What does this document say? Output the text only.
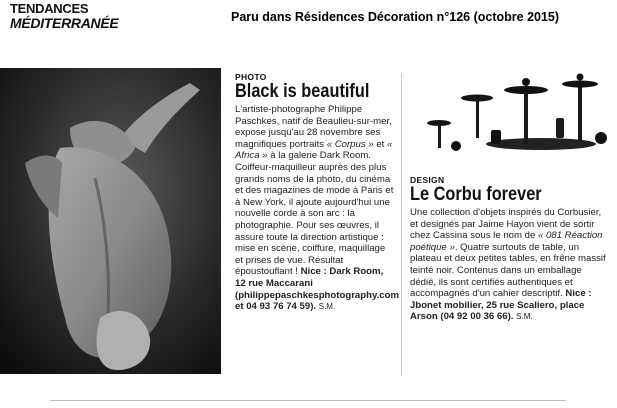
TENDANCES
MÉDITERRANÉE	Paru dans Résidences Décoration n°126 (octobre 2015)
PHOTO
Black is beautiful
L'artiste-photographe Philippe Paschkes, natif de Beaulieu-sur-mer, expose jusqu'au 28 novembre ses magnifiques portraits « Corpus » et « Africa » à la galerie Dark Room. Coiffeur-maquilleur auprès des plus grands noms de la photo, du cinéma et des magazines de mode à Paris et à New York, il ajoute aujourd'hui une nouvelle corde à son arc : la photographie. Pour ses œuvres, il assure toute la direction artistique : mise en scène, coiffure, maquillage et prises de vue. Résultat époustouflant ! Nice : Dark Room, 12 rue Maccarani (philippepaschkesphotography.com et 04 93 76 74 59). S.M.
DESIGN
Le Corbu forever
Une collection d'objets inspirés du Corbusier, et designés par Jaime Hayon vient de sortir chez Cassina sous le nom de « 081 Réaction poétique ». Quatre surtouts de table, un plateau et deux petites tables, en frêne massif teinté noir. Contenus dans un emballage dédié, ils sont certifiés authentiques et accompagnés d'un cahier descriptif. Nice : Jbonet mobilier, 25 rue Scaliero, place Arson (04 92 00 36 66). S.M.
